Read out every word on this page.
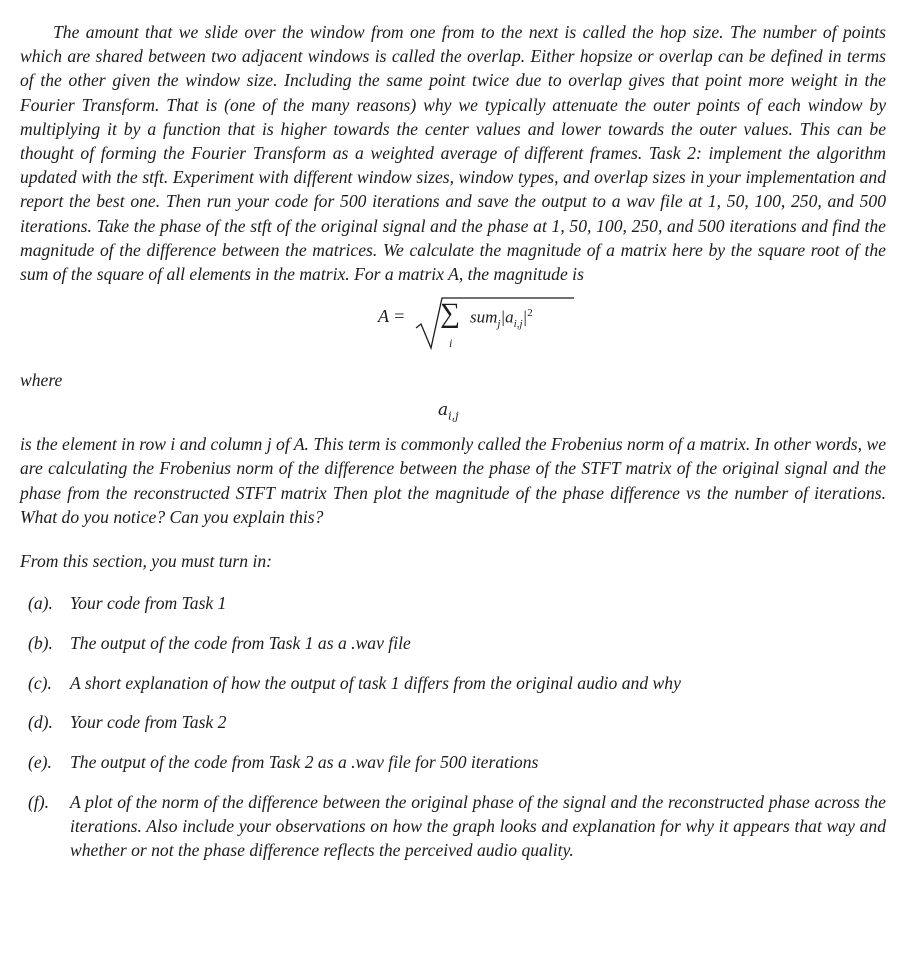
The amount that we slide over the window from one from to the next is called the hop size. The number of points which are shared between two adjacent windows is called the overlap. Either hopsize or overlap can be defined in terms of the other given the window size. Including the same point twice due to overlap gives that point more weight in the Fourier Transform. That is (one of the many reasons) why we typically attenuate the outer points of each window by multiplying it by a function that is higher towards the center values and lower towards the outer values. This can be thought of forming the Fourier Transform as a weighted average of different frames. Task 2: implement the algorithm updated with the stft. Experiment with different window sizes, window types, and overlap sizes in your implementation and report the best one. Then run your code for 500 iterations and save the output to a wav file at 1, 50, 100, 250, and 500 iterations. Take the phase of the stft of the original signal and the phase at 1, 50, 100, 250, and 500 iterations and find the magnitude of the difference between the matrices. We calculate the magnitude of a matrix here by the square root of the sum of the square of all elements in the matrix. For a matrix A, the magnitude is

A = ∑
i
$sum_j|a_{i,j}|^2$

where

$a_{i,j}$

is the element in row i and column j of A. This term is commonly called the Frobenius norm of a matrix. In other words, we are calculating the Frobenius norm of the difference between the phase of the STFT matrix of the original signal and the phase from the reconstructed STFT matrix Then plot the magnitude of the phase difference vs the number of iterations. What do you notice? Can you explain this?

From this section, you must turn in:

(a). Your code from Task 1
(b). The output of the code from Task 1 as a .wav file
(c). A short explanation of how the output of task 1 differs from the original audio and why
(d). Your code from Task 2
(e). The output of the code from Task 2 as a .wav file for 500 iterations
(f). A plot of the norm of the difference between the original phase of the signal and the reconstructed phase across the iterations. Also include your observations on how the graph looks and explanation for why it appears that way and whether or not the phase difference reflects the perceived audio quality.
